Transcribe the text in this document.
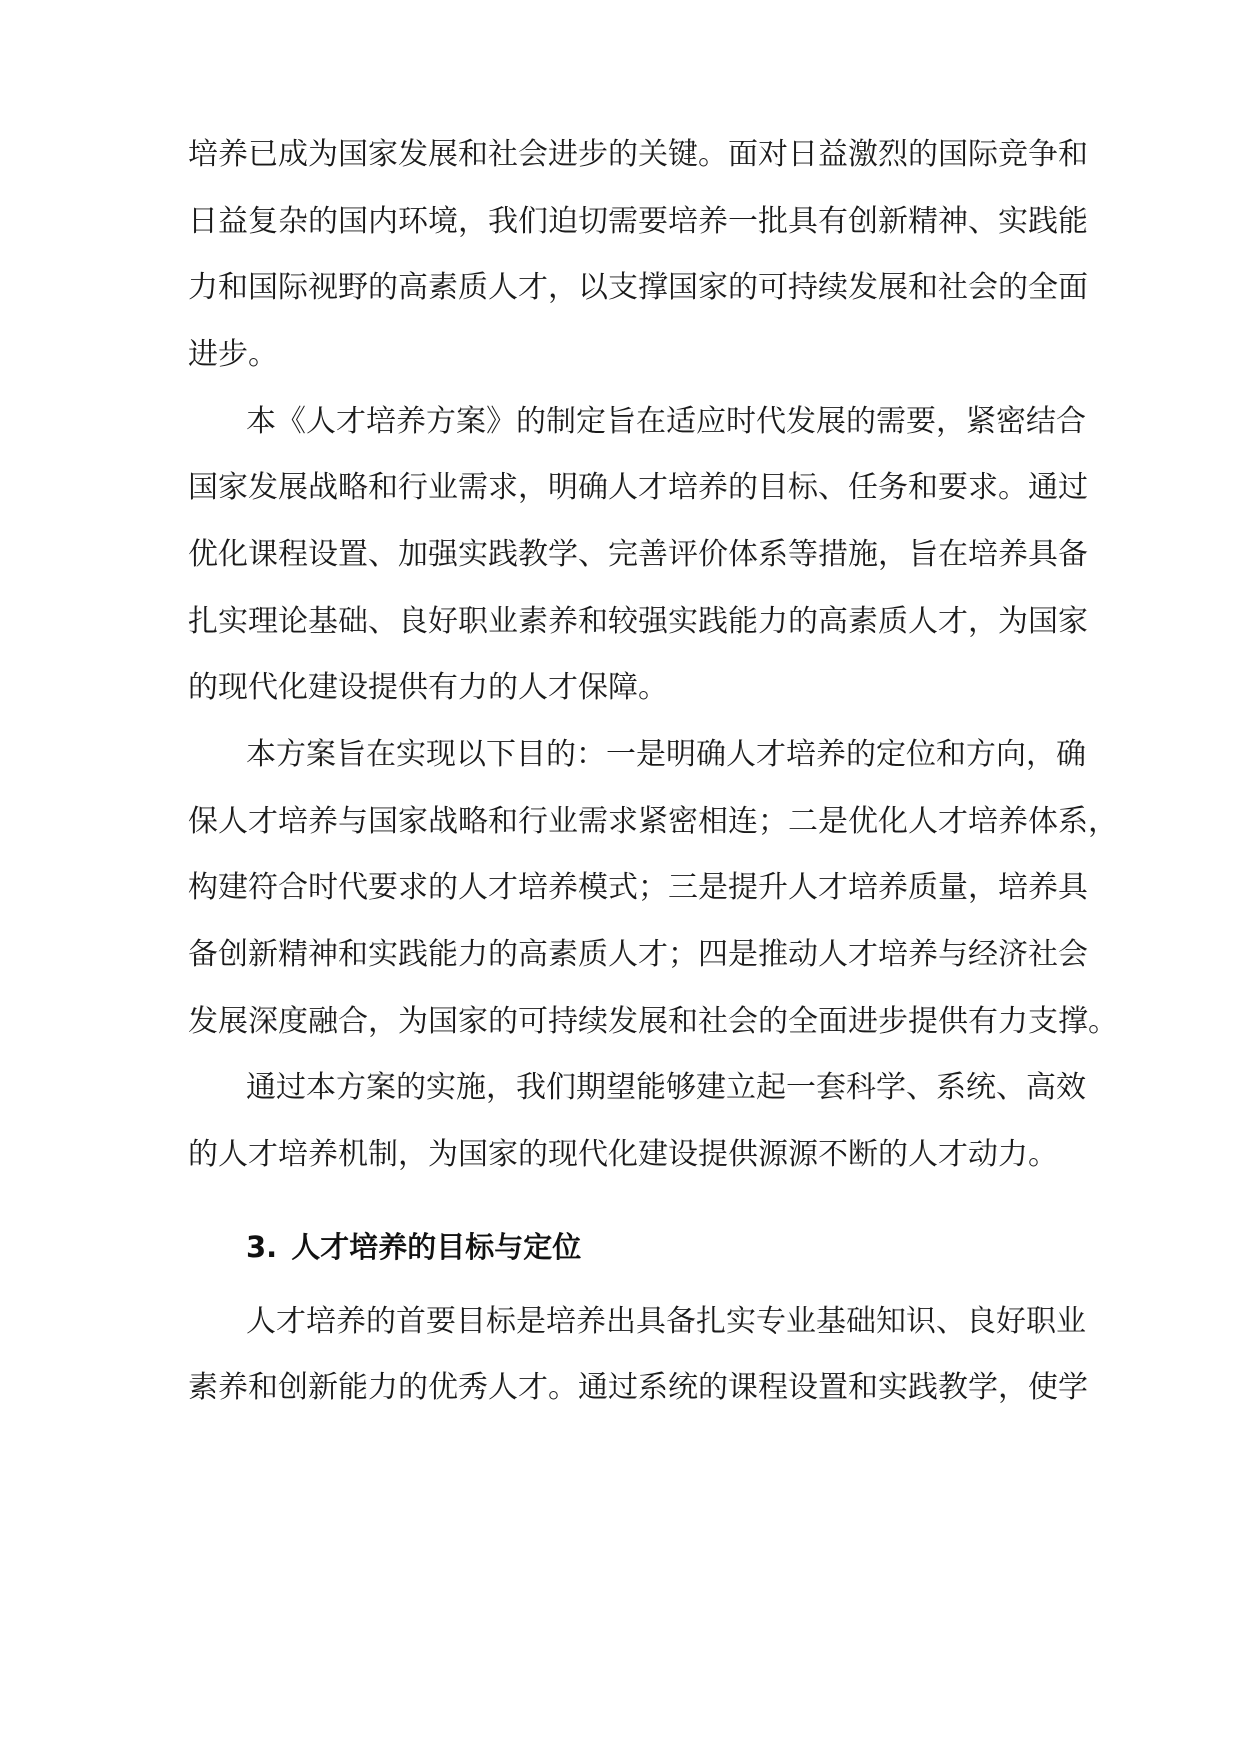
培养已成为国家发展和社会进步的关键。面对日益激烈的国际竞争和
日益复杂的国内环境，我们迫切需要培养一批具有创新精神、实践能
力和国际视野的高素质人才，以支撑国家的可持续发展和社会的全面
进步。
本《人才培养方案》的制定旨在适应时代发展的需要，紧密结合
国家发展战略和行业需求，明确人才培养的目标、任务和要求。通过
优化课程设置、加强实践教学、完善评价体系等措施，旨在培养具备
扎实理论基础、良好职业素养和较强实践能力的高素质人才，为国家
的现代化建设提供有力的人才保障。
本方案旨在实现以下目的：一是明确人才培养的定位和方向，确
保人才培养与国家战略和行业需求紧密相连；二是优化人才培养体系，
构建符合时代要求的人才培养模式；三是提升人才培养质量，培养具
备创新精神和实践能力的高素质人才；四是推动人才培养与经济社会
发展深度融合，为国家的可持续发展和社会的全面进步提供有力支撑。
通过本方案的实施，我们期望能够建立起一套科学、系统、高效
的人才培养机制，为国家的现代化建设提供源源不断的人才动力。
3. 人才培养的目标与定位
人才培养的首要目标是培养出具备扎实专业基础知识、良好职业
素养和创新能力的优秀人才。通过系统的课程设置和实践教学，使学
